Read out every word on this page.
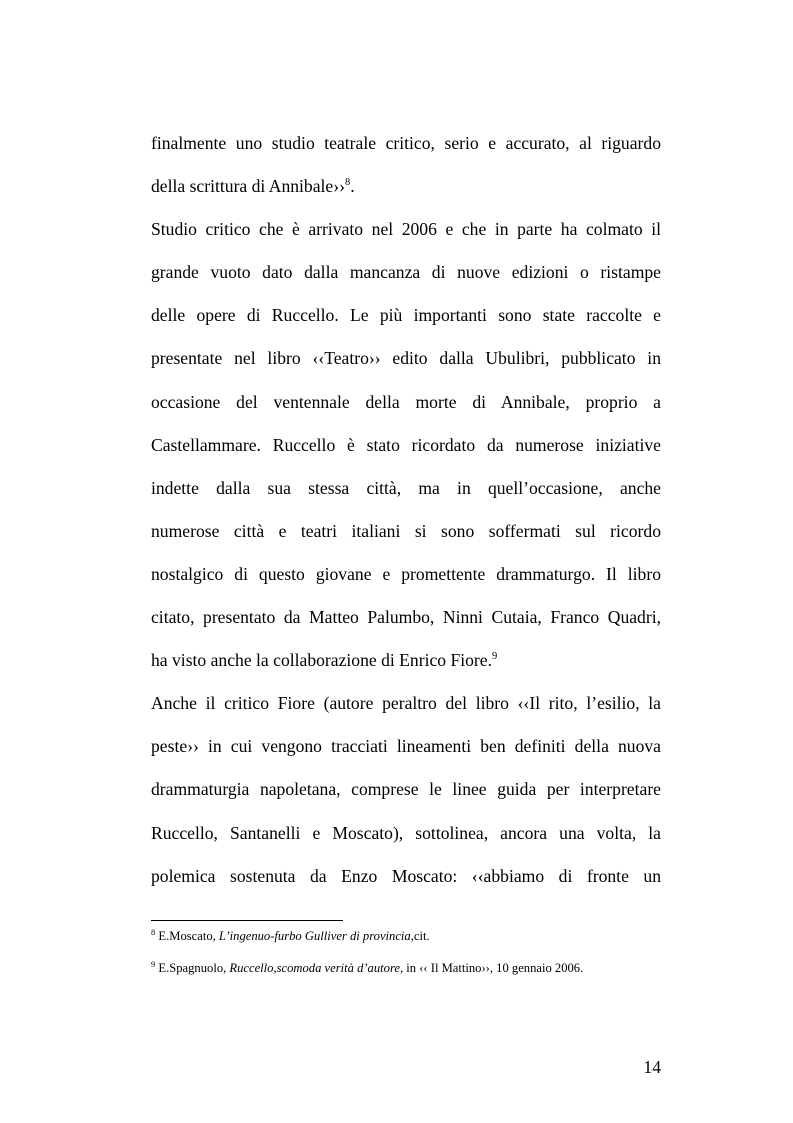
finalmente uno studio teatrale critico, serio e accurato, al riguardo
della scrittura di Annibale››$^8$.
Studio critico che è arrivato nel 2006 e che in parte ha colmato il
grande vuoto dato dalla mancanza di nuove edizioni o ristampe
delle opere di Ruccello. Le più importanti sono state raccolte e
presentate nel libro ‹‹Teatro›› edito dalla Ubulibri, pubblicato in
occasione del ventennale della morte di Annibale, proprio a
Castellammare. Ruccello è stato ricordato da numerose iniziative
indette dalla sua stessa città, ma in quell’occasione, anche
numerose città e teatri italiani si sono soffermati sul ricordo
nostalgico di questo giovane e promettente drammaturgo. Il libro
citato, presentato da Matteo Palumbo, Ninni Cutaia, Franco Quadri,
ha visto anche la collaborazione di Enrico Fiore.$^9$
Anche il critico Fiore (autore peraltro del libro ‹‹Il rito, l’esilio, la
peste›› in cui vengono tracciati lineamenti ben definiti della nuova
drammaturgia napoletana, comprese le linee guida per interpretare
Ruccello, Santanelli e Moscato), sottolinea, ancora una volta, la
polemica sostenuta da Enzo Moscato: ‹‹abbiamo di fronte un
$^8$ E.Moscato, L’ingenuo-furbo Gulliver di provincia,cit.
$^9$ E.Spagnuolo, Ruccello,scomoda verità d’autore, in ‹‹ Il Mattino››, 10 gennaio 2006.
14
